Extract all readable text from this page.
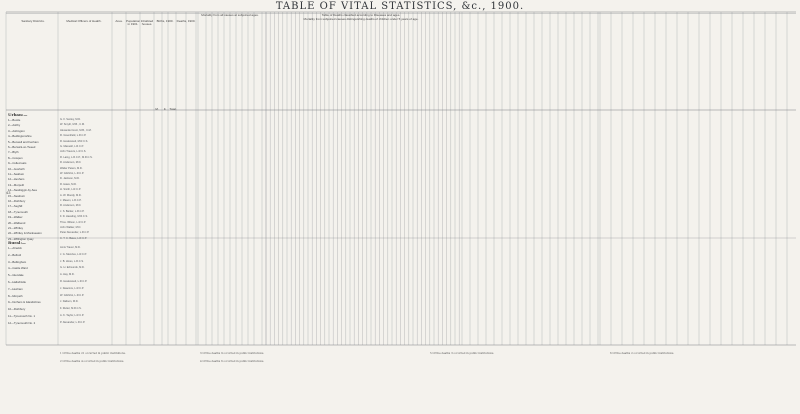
TABLE OF VITAL STATISTICS, &c., 1900.
43
Sanitary Districts.	Medical Officers of Health.	Area.	Population in 1901.
Inhabited houses.
Births, 1900.	Deaths, 1900.
Mortality from all causes at subjoined ages.	Table of Deaths classified according to Diseases and ages.
Mortality from subjoined causes distinguishing deaths of children under 5 years of age.
M.	F.	Total.
Urban:—
Rural:—
1—Bootle	G. F. Sunley, M.D.
2—Ashby	W. Smyth, M.B., C.M.
3—Ashington	Alexander Hunt, M.B., C.M.
4—Bedlingtonshire	R. Greenfield, L.R.C.P.
5—Benwell and Fenham	R. Heslewood, M.R.C.S.
6—Berwick-on-Tweed	G. Maxwell, L.R.C.P.
7—Blyth	John Travers, L.R.C.S.
8—Cowpen	R. Laing, L.R.C.P., M.R.C.S.
9—Cullercoats	R. Anderson, M.D.
10—Gosforth	Walter Peters, M.D.
11—Seaham	W. Gilchrist, L.R.C.P.
12—Hexham	D. Jackson, M.D.
13—Morpeth	R. Haws, M.D.
14—Newbiggin-by-Sea	H. Smith, L.R.C.P.
15—Newburn	A. W. Moody, M.D.
16—Rothbury	J. Mason, L.R.C.P.
17—Seghill	R. Anderson, M.D.
18—Tynemouth	J. S. Barker, L.R.C.P.
19—Walker	F. D. Hassling, M.R.C.S.
20—Wallsend	Thos. Wilson, L.R.C.P.
21—Whitley	John Walker, M.D.
22—Whitley & Monkseaton	Peter Alexander, L.R.C.P.
23—Willington Quay	C. T. C. Bates, L.R.C.P.
1—Alnwick	Amis Traver, M.D.
2—Belford	J. G. Menzies, L.R.C.P.
3—Bellingham	J. B. Hines, L.R.C.S.
4—Castle Ward	G. H. Edmunds, M.D.
5—Glendale	A. Hay, M.D.
6—Haltwhistle	R. Heslewood, L.R.C.P.
7—Hexham	J. Deacons, L.R.C.P.
8—Morpeth	W. Gilchrist, L.R.C.P.
9—Norham & Islandshires	J. Dalison, M.D.
10—Rothbury	F. Rutter, M.R.C.S.
11—Tynemouth No. 1	A. K. Taylor, L.R.C.P.
12—Tynemouth No. 2	P. Alexander, L.R.C.P.
1 Of the deaths 21 occurred in public institutions.
2 Of the deaths 4 occurred in public institutions.
3 Of the deaths 9 occurred in public institutions.
4 Of the deaths 6 occurred in public institutions.
5 Of the deaths 3 occurred in public institutions.	6 Of the deaths 2 occurred in public institutions.
